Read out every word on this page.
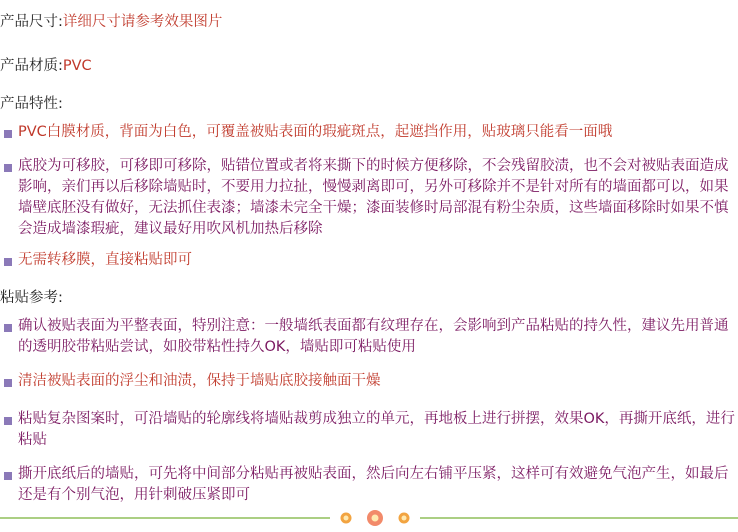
产品尺寸:详细尺寸请参考效果图片
产品材质:PVC
产品特性:
PVC白膜材质，背面为白色，可覆盖被贴表面的瑕疵斑点，起遮挡作用，贴玻璃只能看一面哦
底胶为可移胶，可移即可移除，贴错位置或者将来撕下的时候方便移除，不会残留胶渍，也不会对被贴表面造成影响，亲们再以后移除墙贴时，不要用力拉扯，慢慢剥离即可，另外可移除并不是针对所有的墙面都可以，如果墙壁底胚没有做好，无法抓住表漆；墙漆未完全干燥；漆面装修时局部混有粉尘杂质，这些墙面移除时如果不慎会造成墙漆瑕疵，建议最好用吹风机加热后移除
无需转移膜，直接粘贴即可
粘贴参考:
确认被贴表面为平整表面，特别注意：一般墙纸表面都有纹理存在，会影响到产品粘贴的持久性，建议先用普通的透明胶带粘贴尝试，如胶带粘性持久OK，墙贴即可粘贴使用
清洁被贴表面的浮尘和油渍，保持于墙贴底胶接触面干燥
粘贴复杂图案时，可沿墙贴的轮廓线将墙贴裁剪成独立的单元，再地板上进行拼摆，效果OK，再撕开底纸，进行粘贴
撕开底纸后的墙贴，可先将中间部分粘贴再被贴表面，然后向左右铺平压紧，这样可有效避免气泡产生，如最后还是有个别气泡，用针刺破压紧即可
